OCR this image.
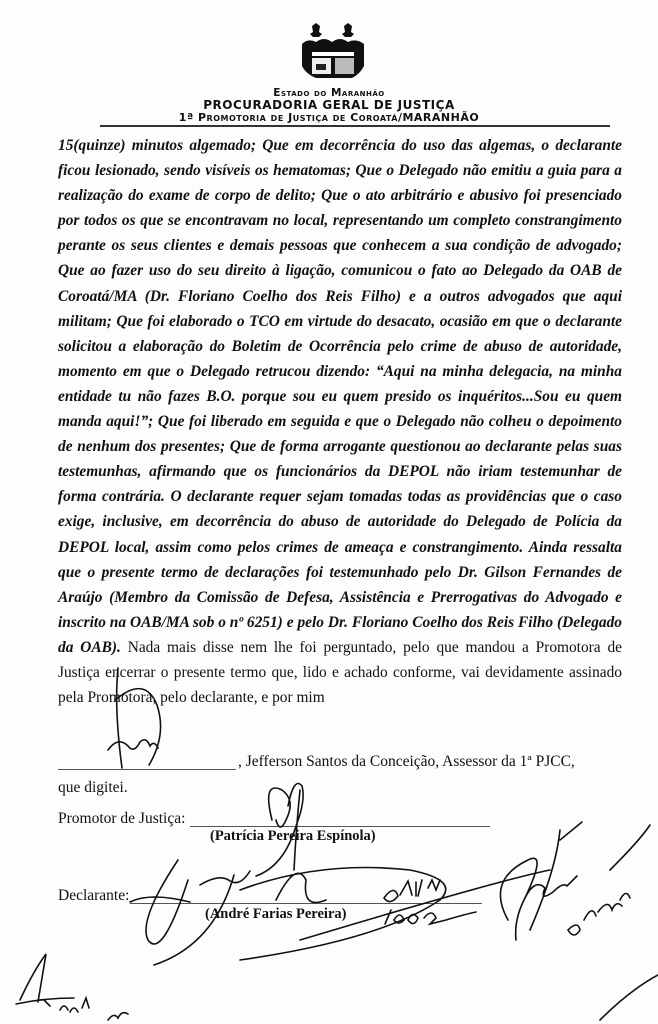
Estado do Maranhão
PROCURADORIA GERAL DE JUSTIÇA
1ª Promotoria de Justiça de Coroatá/MARANHÃO

15(quinze) minutos algemado; Que em decorrência do uso das algemas, o declarante ficou lesionado, sendo visíveis os hematomas; Que o Delegado não emitiu a guia para a realização do exame de corpo de delito; Que o ato arbitrário e abusivo foi presenciado por todos os que se encontravam no local, representando um completo constrangimento perante os seus clientes e demais pessoas que conhecem a sua condição de advogado; Que ao fazer uso do seu direito à ligação, comunicou o fato ao Delegado da OAB de Coroatá/MA (Dr. Floriano Coelho dos Reis Filho) e a outros advogados que aqui militam; Que foi elaborado o TCO em virtude do desacato, ocasião em que o declarante solicitou a elaboração do Boletim de Ocorrência pelo crime de abuso de autoridade, momento em que o Delegado retrucou dizendo: “Aqui na minha delegacia, na minha entidade tu não fazes B.O. porque sou eu quem presido os inquéritos...Sou eu quem manda aqui!”; Que foi liberado em seguida e que o Delegado não colheu o depoimento de nenhum dos presentes; Que de forma arrogante questionou ao declarante pelas suas testemunhas, afirmando que os funcionários da DEPOL não iriam testemunhar de forma contrária. O declarante requer sejam tomadas todas as providências que o caso exige, inclusive, em decorrência do abuso de autoridade do Delegado de Polícia da DEPOL local, assim como pelos crimes de ameaça e constrangimento. Ainda ressalta que o presente termo de declarações foi testemunhado pelo Dr. Gilson Fernandes de Araújo (Membro da Comissão de Defesa, Assistência e Prerrogativas do Advogado e inscrito na OAB/MA sob o nº 6251) e pelo Dr. Floriano Coelho dos Reis Filho (Delegado da OAB). Nada mais disse nem lhe foi perguntado, pelo que mandou a Promotora de Justiça encerrar o presente termo que, lido e achado conforme, vai devidamente assinado pela Promotora, pelo declarante, e por mim

, Jefferson Santos da Conceição, Assessor da 1ª PJCC,
que digitei.
Promotor de Justiça:
(Patrícia Pereira Espínola)
Declarante:
(André Farias Pereira)
